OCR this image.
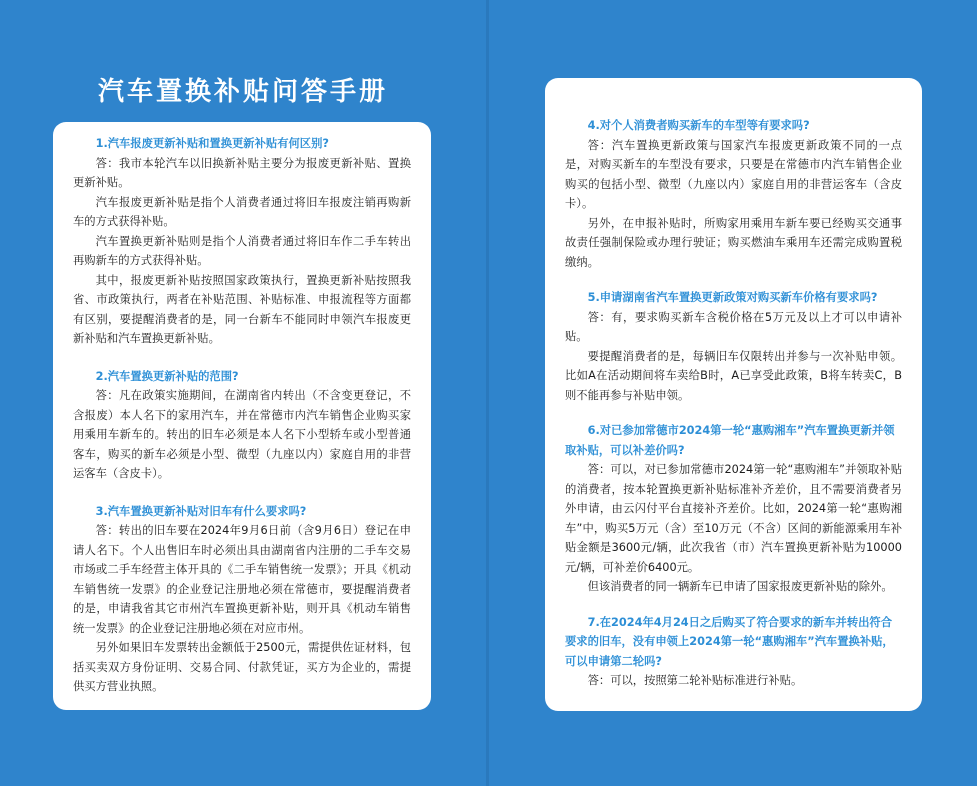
汽车置换补贴问答手册

1.汽车报废更新补贴和置换更新补贴有何区别?

答：我市本轮汽车以旧换新补贴主要分为报废更新补贴、置换更新补贴。

汽车报废更新补贴是指个人消费者通过将旧车报废注销再购新车的方式获得补贴。

汽车置换更新补贴则是指个人消费者通过将旧车作二手车转出再购新车的方式获得补贴。

其中，报废更新补贴按照国家政策执行，置换更新补贴按照我省、市政策执行，两者在补贴范围、补贴标准、申报流程等方面都有区别，要提醒消费者的是，同一台新车不能同时申领汽车报废更新补贴和汽车置换更新补贴。

2.汽车置换更新补贴的范围?

答：凡在政策实施期间，在湖南省内转出（不含变更登记，不含报废）本人名下的家用汽车，并在常德市内汽车销售企业购买家用乘用车新车的。转出的旧车必须是本人名下小型轿车或小型普通客车，购买的新车必须是小型、微型（九座以内）家庭自用的非营运客车（含皮卡）。

3.汽车置换更新补贴对旧车有什么要求吗?

答：转出的旧车要在2024年9月6日前（含9月6日）登记在申请人名下。个人出售旧车时必须出具由湖南省内注册的二手车交易市场或二手车经营主体开具的《二手车销售统一发票》；开具《机动车销售统一发票》的企业登记注册地必须在常德市，要提醒消费者的是，申请我省其它市州汽车置换更新补贴，则开具《机动车销售统一发票》的企业登记注册地必须在对应市州。

另外如果旧车发票转出金额低于2500元，需提供佐证材料，包括买卖双方身份证明、交易合同、付款凭证，买方为企业的，需提供买方营业执照。

4.对个人消费者购买新车的车型等有要求吗?

答：汽车置换更新政策与国家汽车报废更新政策不同的一点是，对购买新车的车型没有要求，只要是在常德市内汽车销售企业购买的包括小型、微型（九座以内）家庭自用的非营运客车（含皮卡）。

另外，在申报补贴时，所购家用乘用车新车要已经购买交通事故责任强制保险或办理行驶证；购买燃油车乘用车还需完成购置税缴纳。

5.申请湖南省汽车置换更新政策对购买新车价格有要求吗?

答：有，要求购买新车含税价格在5万元及以上才可以申请补贴。

要提醒消费者的是，每辆旧车仅限转出并参与一次补贴申领。比如A在活动期间将车卖给B时，A已享受此政策，B将车转卖C，B则不能再参与补贴申领。

6.对已参加常德市2024第一轮“惠购湘车”汽车置换更新并领取补贴，可以补差价吗?

答：可以，对已参加常德市2024第一轮“惠购湘车”并领取补贴的消费者，按本轮置换更新补贴标准补齐差价，且不需要消费者另外申请，由云闪付平台直接补齐差价。比如，2024第一轮“惠购湘车”中，购买5万元（含）至10万元（不含）区间的新能源乘用车补贴金额是3600元/辆，此次我省（市）汽车置换更新补贴为10000元/辆，可补差价6400元。

但该消费者的同一辆新车已申请了国家报废更新补贴的除外。

7.在2024年4月24日之后购买了符合要求的新车并转出符合要求的旧车，没有申领上2024第一轮“惠购湘车”汽车置换补贴，可以申请第二轮吗?

答：可以，按照第二轮补贴标准进行补贴。
